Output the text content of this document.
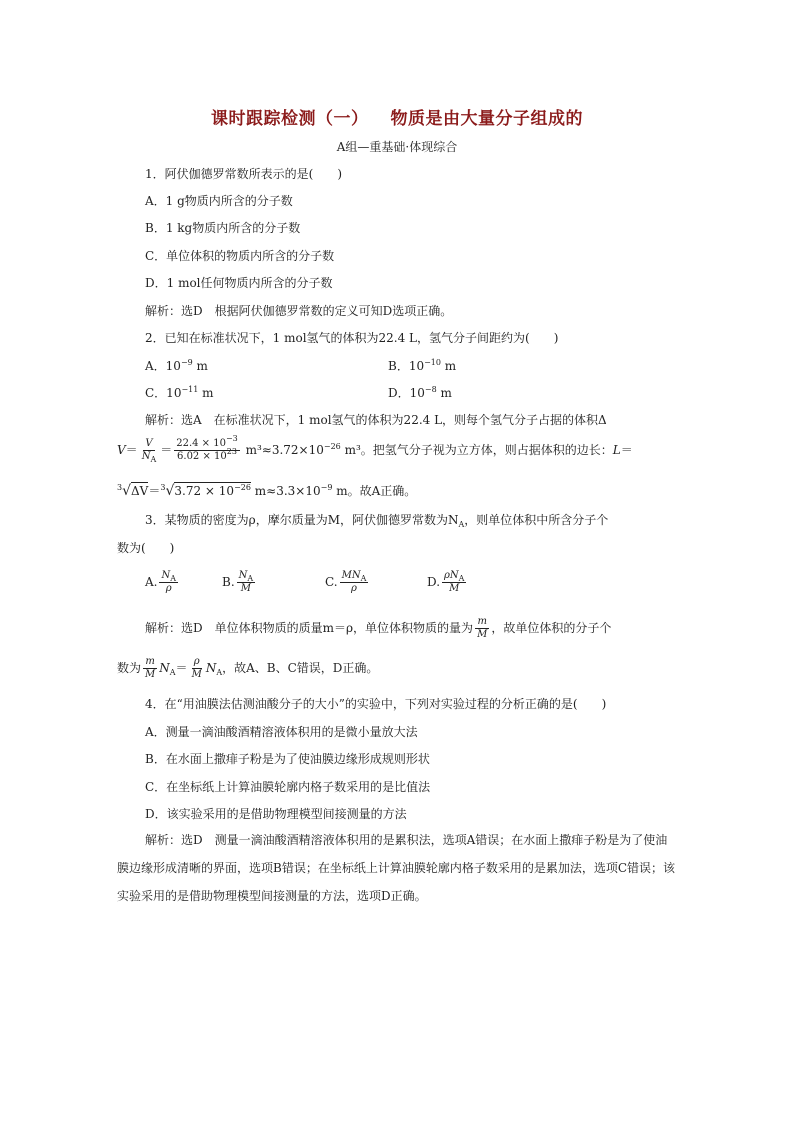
课时跟踪检测（一） 物质是由大量分子组成的
A组—重基础·体现综合
1．阿伏伽德罗常数所表示的是(　　)
A．1 g物质内所含的分子数
B．1 kg物质内所含的分子数
C．单位体积的物质内所含的分子数
D．1 mol任何物质内所含的分子数
解析：选D　根据阿伏伽德罗常数的定义可知D选项正确。
2．已知在标准状况下，1 mol氢气的体积为22.4 L，氢气分子间距约为(　　)
A．$10^{-9}$ m	B．$10^{-10}$ m
C．$10^{-11}$ m	D．$10^{-8}$ m
解析：选A　在标准状况下，1 mol氢气的体积为22.4 L，则每个氢气分子占据的体积Δ
$V= \frac{V}{N_A} = \frac{22.4 \times 10^{-3}}{6.02 \times 10^{23}} m^3\approx 3.72\times 10^{-26}$ m³。把氢气分子视为立方体，则占据体积的边长：L＝
$^3√\Delta V=^3√3.72 \times 10^{-26}$ $m\approx 3.3\times 10^{-9}$ m。故A正确。
3．某物质的密度为ρ，摩尔质量为M，阿伏伽德罗常数为$N_A$，则单位体积中所含分子个
数为(　　)
A. $\frac{N_A}{\rho}$	B. $\frac{N_A}{M}$	C. $\frac{MN_A}{\rho}$	D. $\frac{\rho N_A}{M}$
解析：选D　单位体积物质的质量m＝ρ，单位体积物质的量为 $\frac{m}{M}$ ，故单位体积的分子个
数为 $\frac{m}{M} N_A= \frac{\rho}{M} N_A$，故A、B、C错误，D正确。
4．在“用油膜法估测油酸分子的大小”的实验中，下列对实验过程的分析正确的是(　　)
A．测量一滴油酸酒精溶液体积用的是微小量放大法
B．在水面上撒痱子粉是为了使油膜边缘形成规则形状
C．在坐标纸上计算油膜轮廓内格子数采用的是比值法
D．该实验采用的是借助物理模型间接测量的方法
解析：选D　测量一滴油酸酒精溶液体积用的是累积法，选项A错误；在水面上撒痱子粉是为了使油膜边缘形成清晰的界面，选项B错误；在坐标纸上计算油膜轮廓内格子数采用的是累加法，选项C错误；该实验采用的是借助物理模型间接测量的方法，选项D正确。
